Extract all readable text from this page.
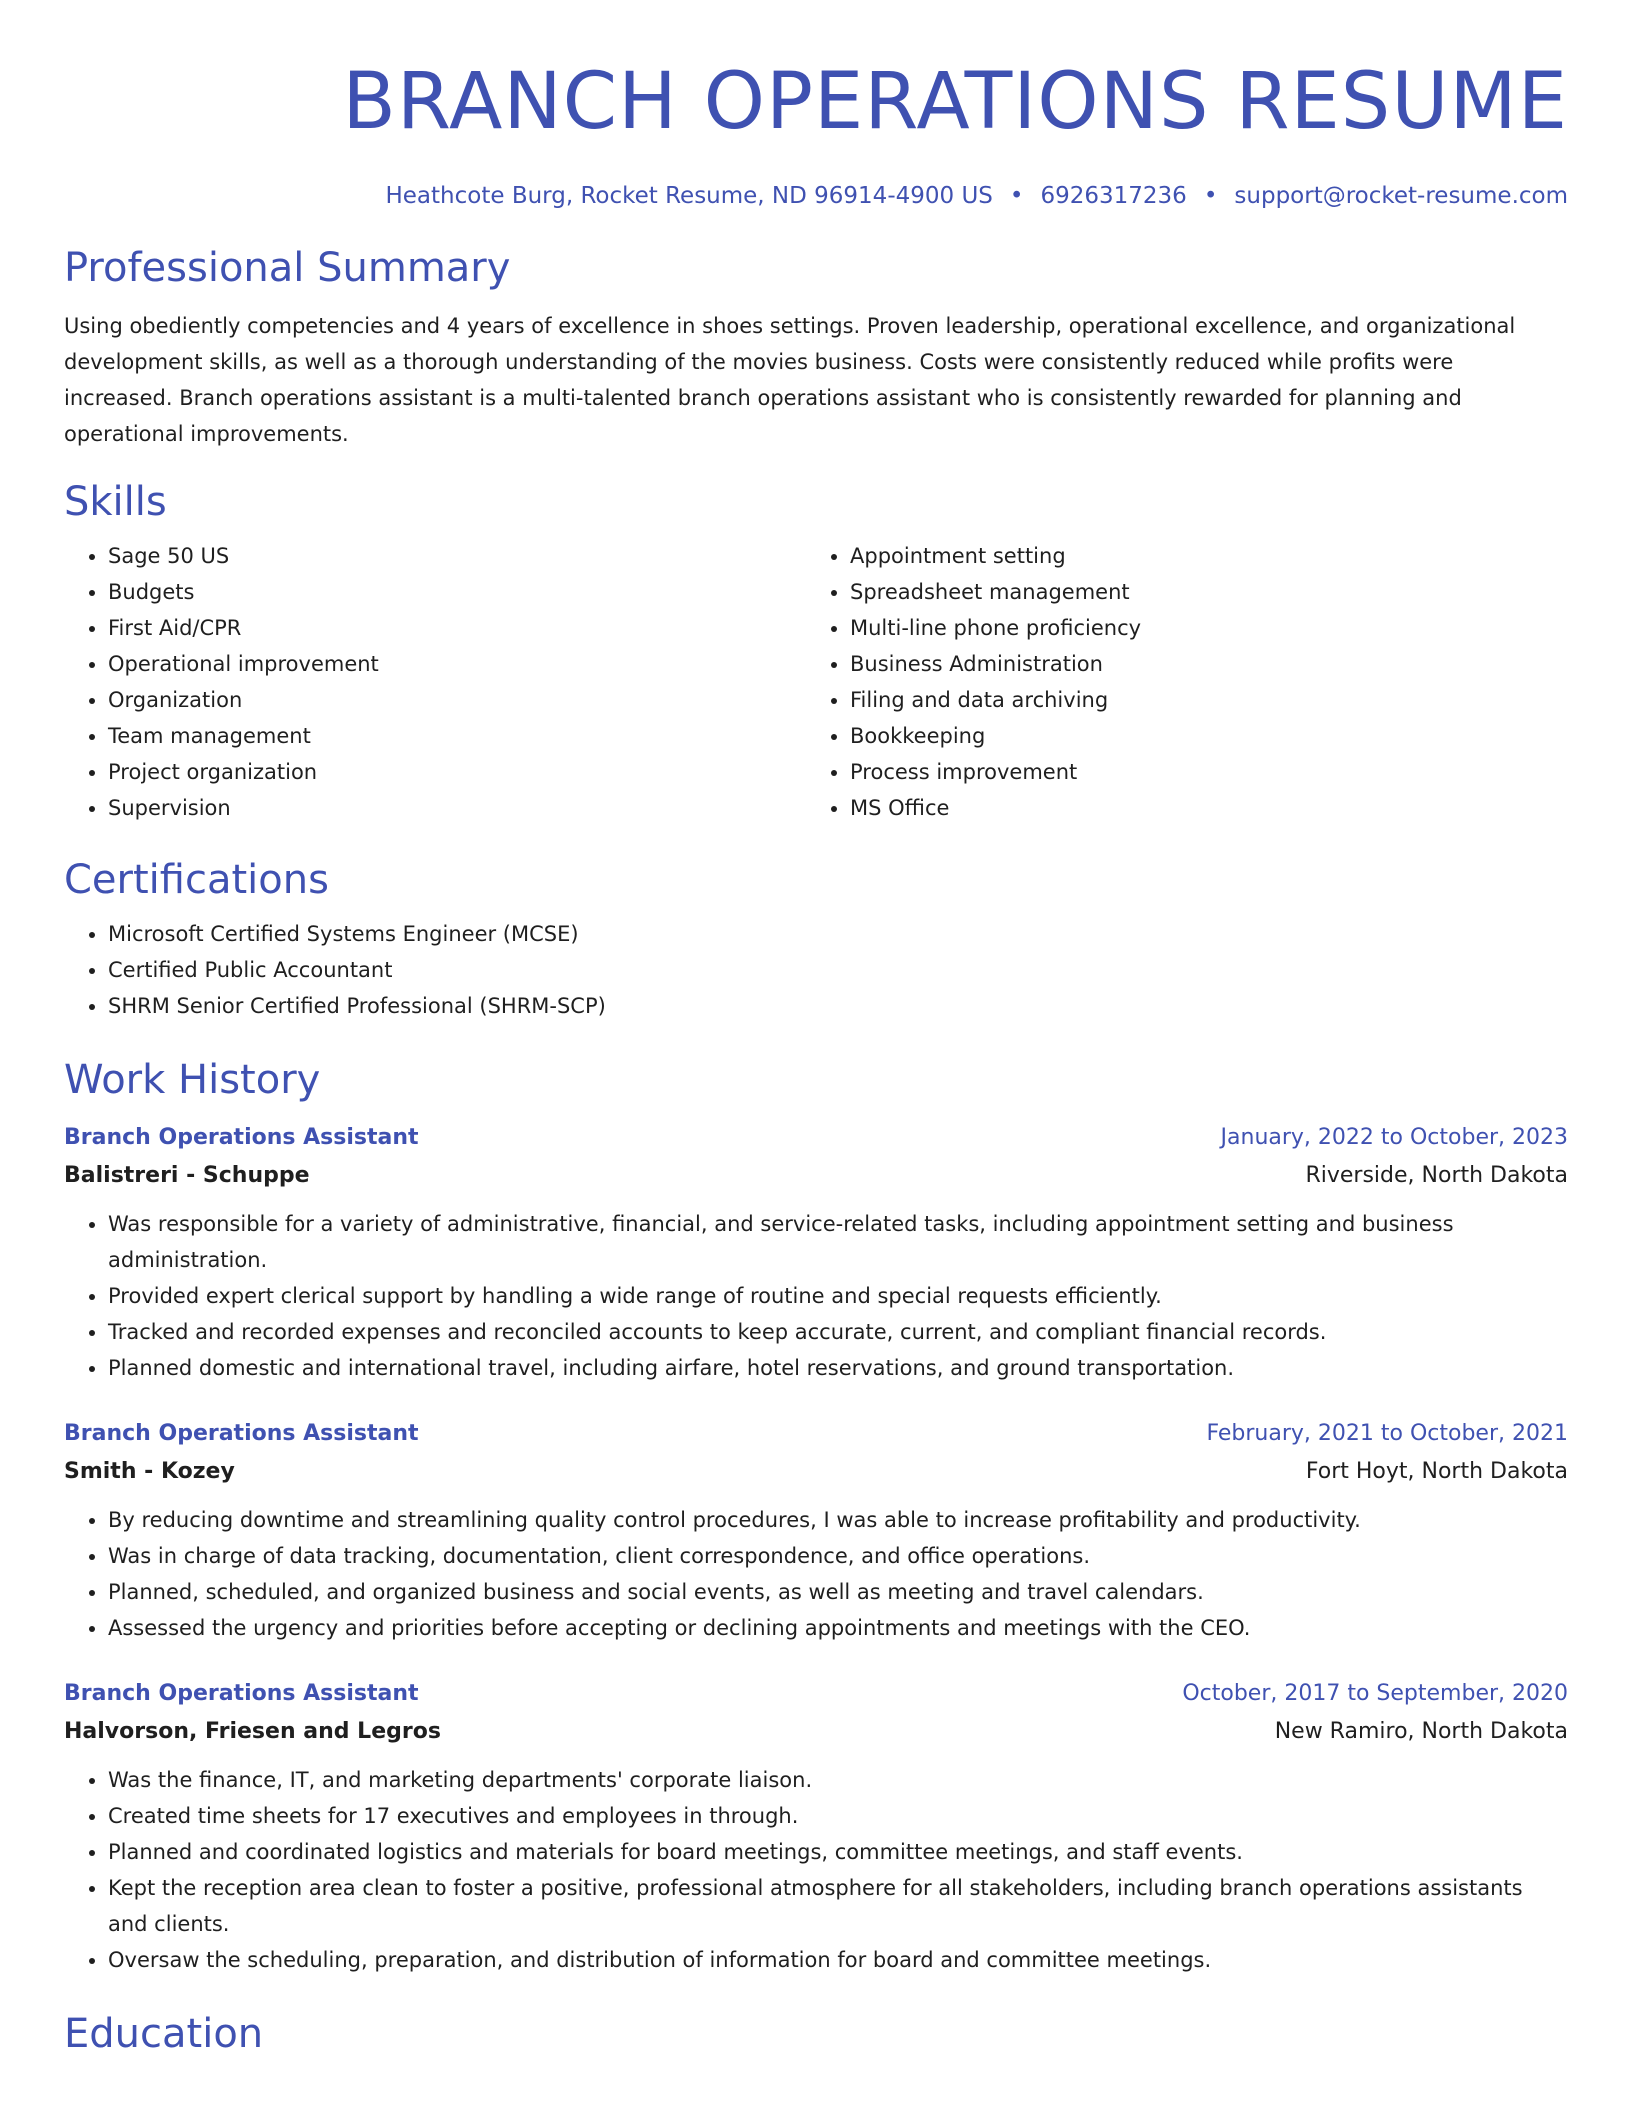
BRANCH OPERATIONS RESUME
Heathcote Burg, Rocket Resume, ND 96914-4900 US • 6926317236 • support@rocket-resume.com
Professional Summary

Using obediently competencies and 4 years of excellence in shoes settings. Proven leadership, operational excellence, and organizational development skills, as well as a thorough understanding of the movies business. Costs were consistently reduced while profits were increased. Branch operations assistant is a multi-talented branch operations assistant who is consistently rewarded for planning and operational improvements.

Skills
• Sage 50 US
• Budgets
• First Aid/CPR
• Operational improvement
• Organization
• Team management
• Project organization
• Supervision
• Appointment setting
• Spreadsheet management
• Multi-line phone proficiency
• Business Administration
• Filing and data archiving
• Bookkeeping
• Process improvement
• MS Office
Certifications
• Microsoft Certified Systems Engineer (MCSE)
• Certified Public Accountant
• SHRM Senior Certified Professional (SHRM-SCP)
Work History
Branch Operations Assistant	January, 2022 to October, 2023
Balistreri - Schuppe	Riverside, North Dakota
• Was responsible for a variety of administrative, financial, and service-related tasks, including appointment setting and business administration.
• Provided expert clerical support by handling a wide range of routine and special requests efficiently.
• Tracked and recorded expenses and reconciled accounts to keep accurate, current, and compliant financial records.
• Planned domestic and international travel, including airfare, hotel reservations, and ground transportation.
Branch Operations Assistant	February, 2021 to October, 2021
Smith - Kozey	Fort Hoyt, North Dakota
• By reducing downtime and streamlining quality control procedures, I was able to increase profitability and productivity.
• Was in charge of data tracking, documentation, client correspondence, and office operations.
• Planned, scheduled, and organized business and social events, as well as meeting and travel calendars.
• Assessed the urgency and priorities before accepting or declining appointments and meetings with the CEO.
Branch Operations Assistant	October, 2017 to September, 2020
Halvorson, Friesen and Legros	New Ramiro, North Dakota
• Was the finance, IT, and marketing departments' corporate liaison.
• Created time sheets for 17 executives and employees in through.
• Planned and coordinated logistics and materials for board meetings, committee meetings, and staff events.
• Kept the reception area clean to foster a positive, professional atmosphere for all stakeholders, including branch operations assistants and clients.
• Oversaw the scheduling, preparation, and distribution of information for board and committee meetings.
Education
